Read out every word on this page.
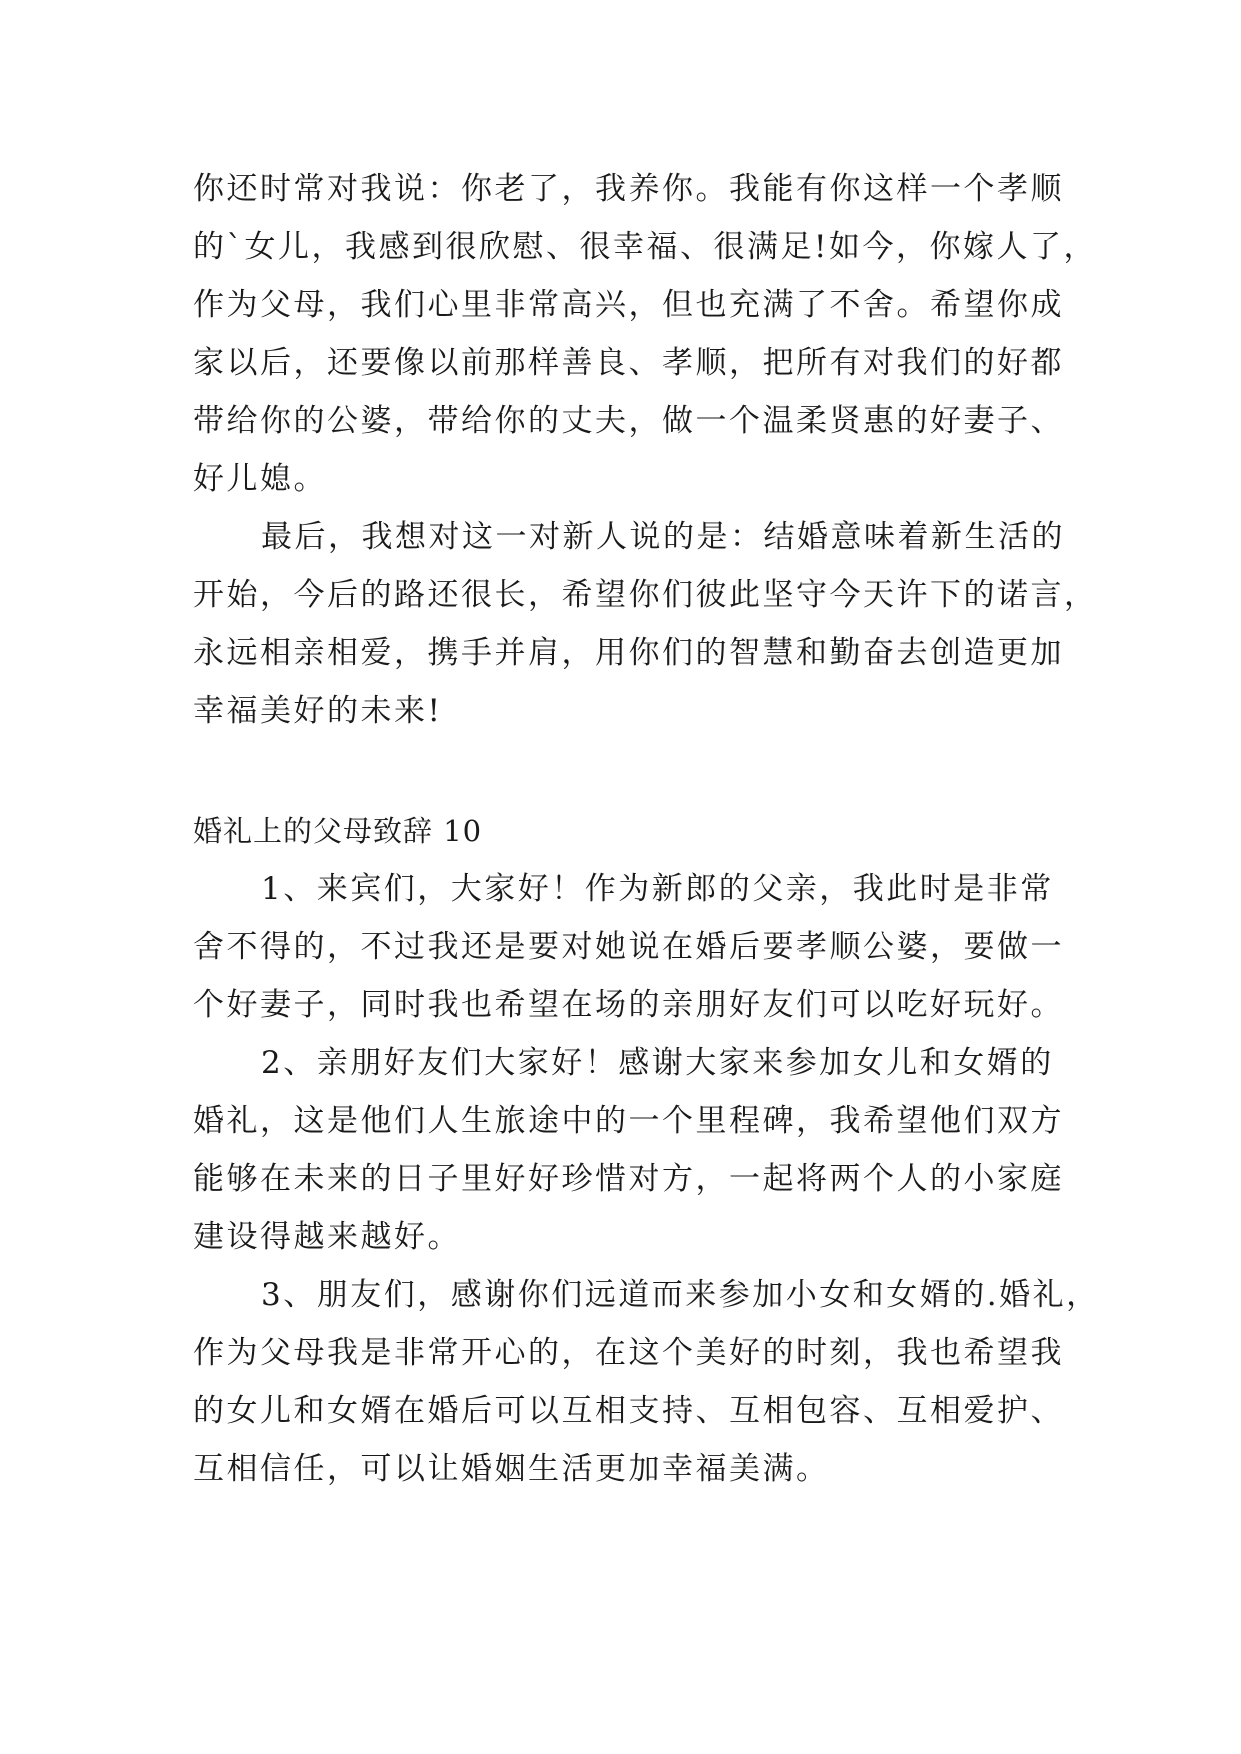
你还时常对我说：你老了，我养你。我能有你这样一个孝顺
的`女儿，我感到很欣慰、很幸福、很满足!如今，你嫁人了，
作为父母，我们心里非常高兴，但也充满了不舍。希望你成
家以后，还要像以前那样善良、孝顺，把所有对我们的好都
带给你的公婆，带给你的丈夫，做一个温柔贤惠的好妻子、
好儿媳。
最后，我想对这一对新人说的是：结婚意味着新生活的
开始，今后的路还很长，希望你们彼此坚守今天许下的诺言，
永远相亲相爱，携手并肩，用你们的智慧和勤奋去创造更加
幸福美好的未来!
婚礼上的父母致辞 10
1、来宾们，大家好！作为新郎的父亲，我此时是非常
舍不得的，不过我还是要对她说在婚后要孝顺公婆，要做一
个好妻子，同时我也希望在场的亲朋好友们可以吃好玩好。
2、亲朋好友们大家好！感谢大家来参加女儿和女婿的
婚礼，这是他们人生旅途中的一个里程碑，我希望他们双方
能够在未来的日子里好好珍惜对方，一起将两个人的小家庭
建设得越来越好。
3、朋友们，感谢你们远道而来参加小女和女婿的.婚礼，
作为父母我是非常开心的，在这个美好的时刻，我也希望我
的女儿和女婿在婚后可以互相支持、互相包容、互相爱护、
互相信任，可以让婚姻生活更加幸福美满。
